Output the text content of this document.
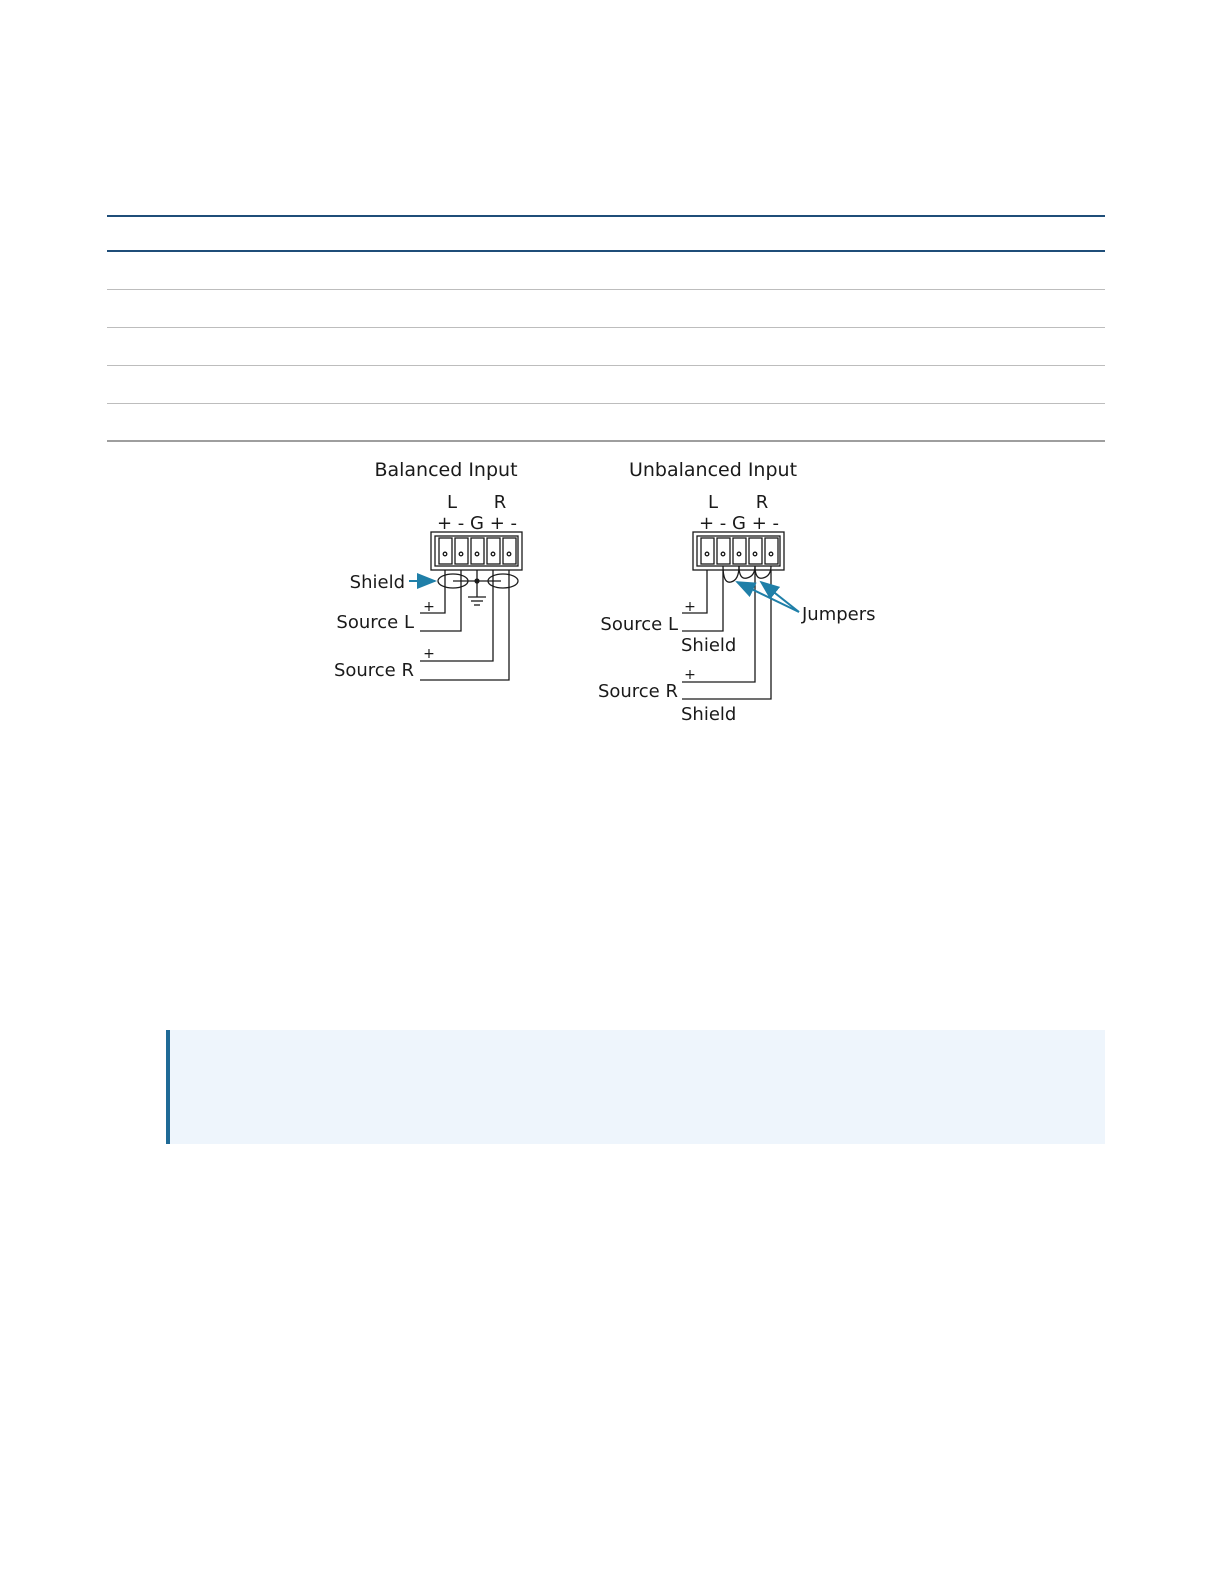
Balanced Input
L R
+ - G + -
Shield
+
Source L
+
Source R
Unbalanced Input
L R
+ - G + -
Jumpers
+
Source L
Shield
+
Source R
Shield
